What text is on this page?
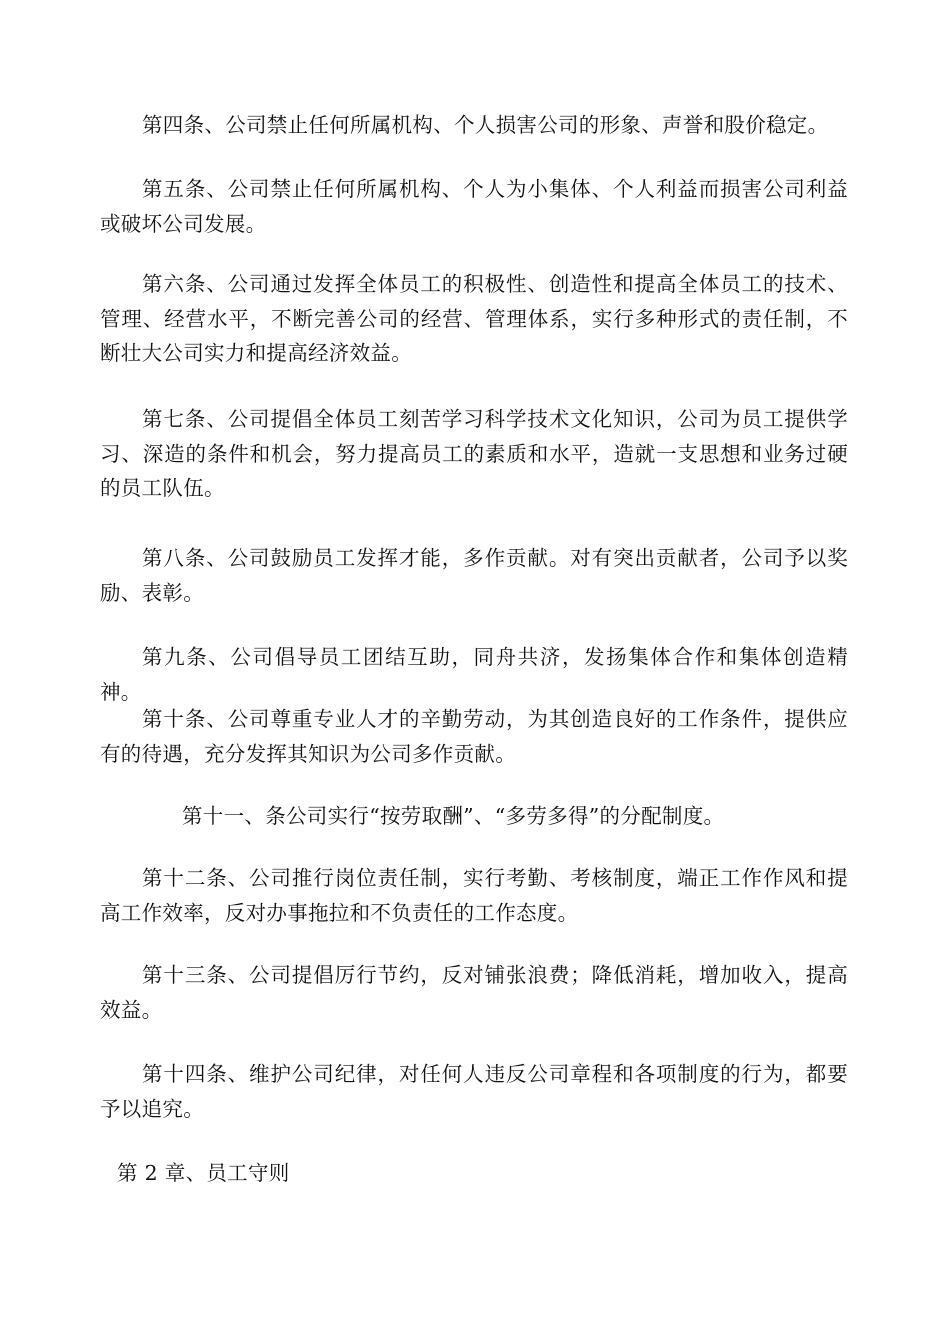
第四条、公司禁止任何所属机构、个人损害公司的形象、声誉和股价稳定。

第五条、公司禁止任何所属机构、个人为小集体、个人利益而损害公司利益或破坏公司发展。

第六条、公司通过发挥全体员工的积极性、创造性和提高全体员工的技术、管理、经营水平，不断完善公司的经营、管理体系，实行多种形式的责任制，不断壮大公司实力和提高经济效益。

第七条、公司提倡全体员工刻苦学习科学技术文化知识，公司为员工提供学习、深造的条件和机会，努力提高员工的素质和水平，造就一支思想和业务过硬的员工队伍。

第八条、公司鼓励员工发挥才能，多作贡献。对有突出贡献者，公司予以奖励、表彰。

第九条、公司倡导员工团结互助，同舟共济，发扬集体合作和集体创造精神。

第十条、公司尊重专业人才的辛勤劳动，为其创造良好的工作条件，提供应有的待遇，充分发挥其知识为公司多作贡献。

第十一、条公司实行“按劳取酬”、“多劳多得”的分配制度。

第十二条、公司推行岗位责任制，实行考勤、考核制度，端正工作作风和提高工作效率，反对办事拖拉和不负责任的工作态度。

第十三条、公司提倡厉行节约，反对铺张浪费；降低消耗，增加收入，提高效益。

第十四条、维护公司纪律，对任何人违反公司章程和各项制度的行为，都要予以追究。

第 2 章、员工守则
